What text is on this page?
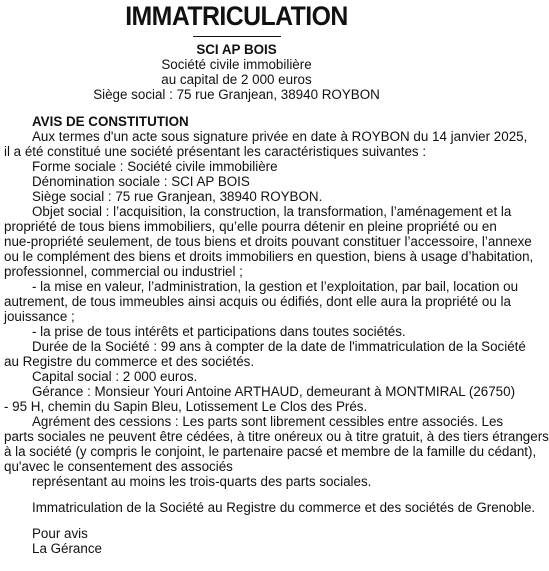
IMMATRICULATION
SCI AP BOIS
Société civile immobilière
au capital de 2 000 euros
Siège social : 75 rue Granjean, 38940 ROYBON
AVIS DE CONSTITUTION
Aux termes d'un acte sous signature privée en date à ROYBON du 14 janvier 2025,
il a été constitué une société présentant les caractéristiques suivantes :
Forme sociale : Société civile immobilière
Dénomination sociale : SCI AP BOIS
Siège social : 75 rue Granjean, 38940 ROYBON.
Objet social : l’acquisition, la construction, la transformation, l’aménagement et la
propriété de tous biens immobiliers, qu’elle pourra détenir en pleine propriété ou en
nue-propriété seulement, de tous biens et droits pouvant constituer l’accessoire, l’annexe
ou le complément des biens et droits immobiliers en question, biens à usage d’habitation,
professionnel, commercial ou industriel ;
- la mise en valeur, l’administration, la gestion et l’exploitation, par bail, location ou
autrement, de tous immeubles ainsi acquis ou édifiés, dont elle aura la propriété ou la
jouissance ;
- la prise de tous intérêts et participations dans toutes sociétés.
Durée de la Société : 99 ans à compter de la date de l'immatriculation de la Société
au Registre du commerce et des sociétés.
Capital social : 2 000 euros.
Gérance : Monsieur Youri Antoine ARTHAUD, demeurant à MONTMIRAL (26750)
- 95 H, chemin du Sapin Bleu, Lotissement Le Clos des Prés.
Agrément des cessions : Les parts sont librement cessibles entre associés. Les
parts sociales ne peuvent être cédées, à titre onéreux ou à titre gratuit, à des tiers étrangers
à la société (y compris le conjoint, le partenaire pacsé et membre de la famille du cédant),
qu'avec le consentement des associés
représentant au moins les trois-quarts des parts sociales.
Immatriculation de la Société au Registre du commerce et des sociétés de Grenoble.
Pour avis
La Gérance
